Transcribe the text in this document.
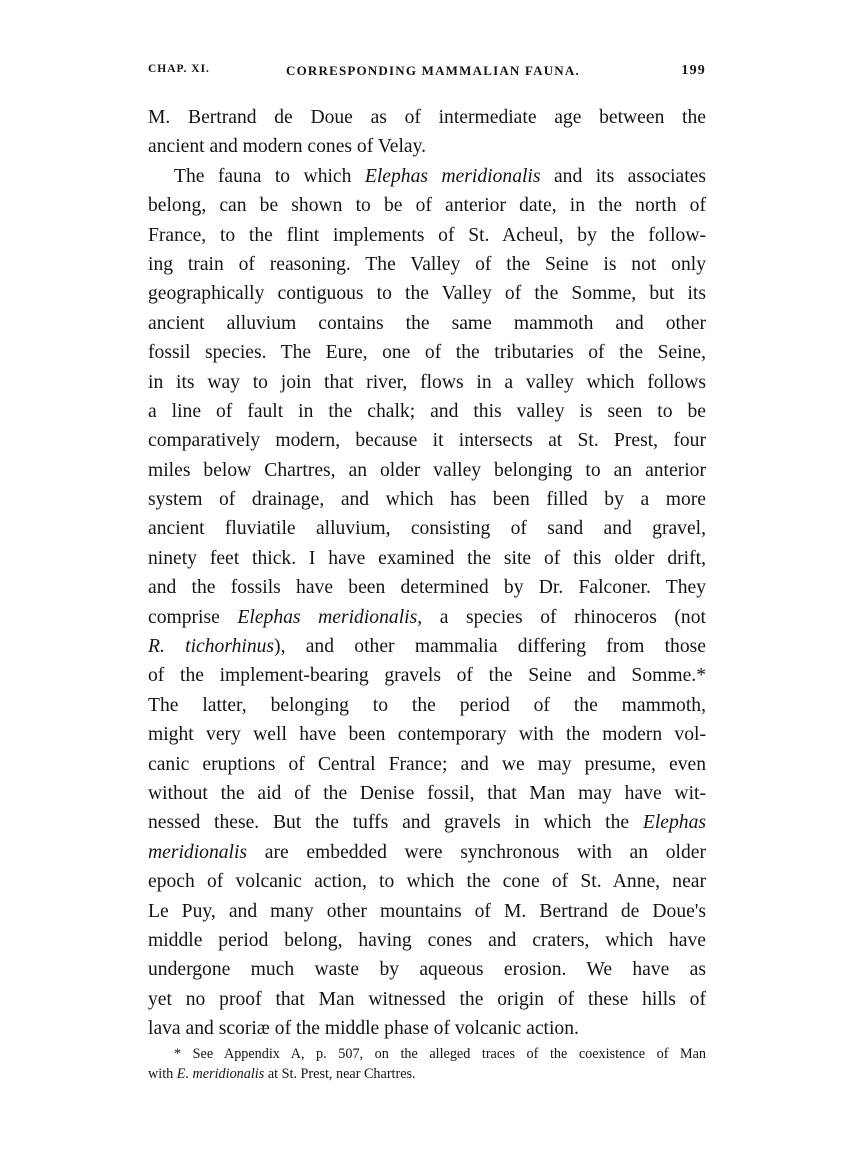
CHAP. XI.	CORRESPONDING MAMMALIAN FAUNA.	199
M. Bertrand de Doue as of intermediate age between the
ancient and modern cones of Velay.
The fauna to which Elephas meridionalis and its associates
belong, can be shown to be of anterior date, in the north of
France, to the flint implements of St. Acheul, by the follow-
ing train of reasoning. The Valley of the Seine is not only
geographically contiguous to the Valley of the Somme, but its
ancient alluvium contains the same mammoth and other
fossil species. The Eure, one of the tributaries of the Seine,
in its way to join that river, flows in a valley which follows
a line of fault in the chalk; and this valley is seen to be
comparatively modern, because it intersects at St. Prest, four
miles below Chartres, an older valley belonging to an anterior
system of drainage, and which has been filled by a more
ancient fluviatile alluvium, consisting of sand and gravel,
ninety feet thick. I have examined the site of this older drift,
and the fossils have been determined by Dr. Falconer. They
comprise Elephas meridionalis, a species of rhinoceros (not
R. tichorhinus), and other mammalia differing from those
of the implement-bearing gravels of the Seine and Somme.*
The latter, belonging to the period of the mammoth,
might very well have been contemporary with the modern vol-
canic eruptions of Central France; and we may presume, even
without the aid of the Denise fossil, that Man may have wit-
nessed these. But the tuffs and gravels in which the Elephas
meridionalis are embedded were synchronous with an older
epoch of volcanic action, to which the cone of St. Anne, near
Le Puy, and many other mountains of M. Bertrand de Doue's
middle period belong, having cones and craters, which have
undergone much waste by aqueous erosion. We have as
yet no proof that Man witnessed the origin of these hills of
lava and scoriæ of the middle phase of volcanic action.
* See Appendix A, p. 507, on the alleged traces of the coexistence of Man
with E. meridionalis at St. Prest, near Chartres.
